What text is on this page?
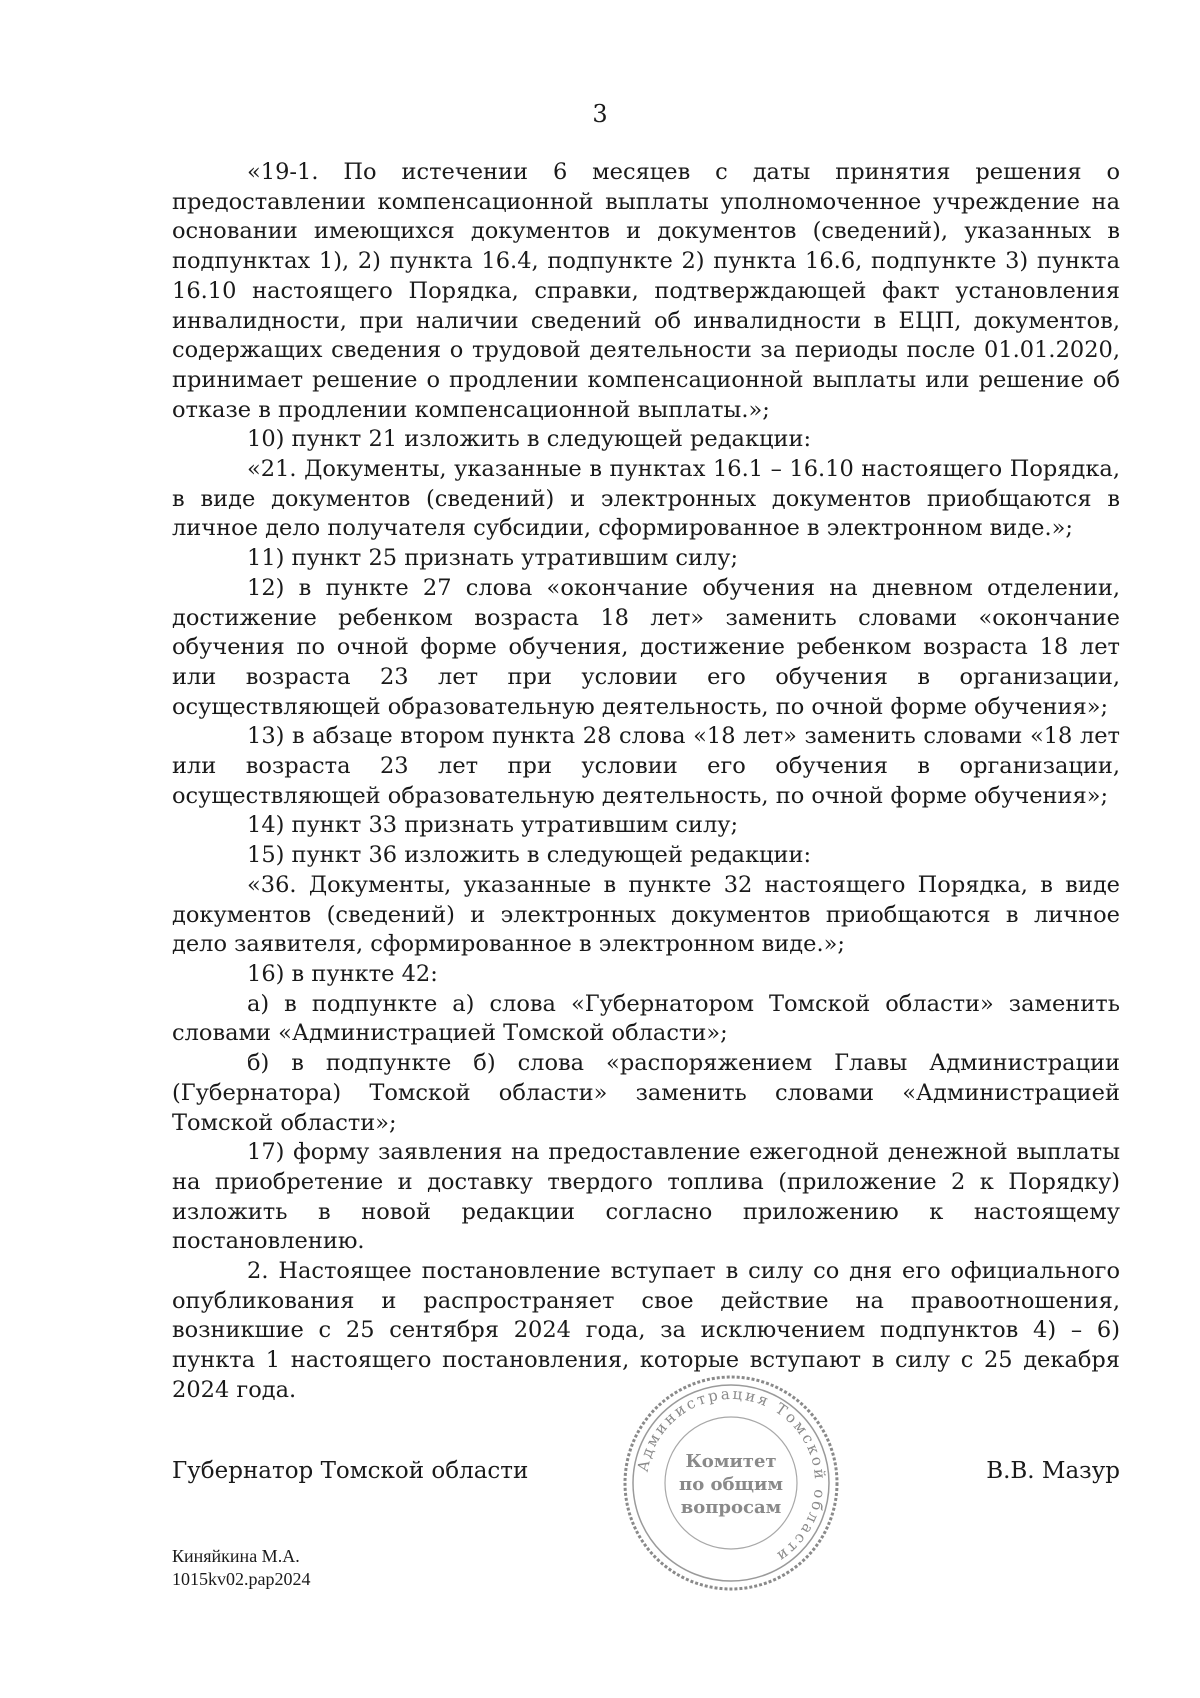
3

«19-1. По истечении 6 месяцев с даты принятия решения о предоставлении компенсационной выплаты уполномоченное учреждение на основании имеющихся документов и документов (сведений), указанных в подпунктах 1), 2) пункта 16.4, подпункте 2) пункта 16.6, подпункте 3) пункта 16.10 настоящего Порядка, справки, подтверждающей факт установления инвалидности, при наличии сведений об инвалидности в ЕЦП, документов, содержащих сведения о трудовой деятельности за периоды после 01.01.2020, принимает решение о продлении компенсационной выплаты или решение об отказе в продлении компенсационной выплаты.»;

10) пункт 21 изложить в следующей редакции:

«21. Документы, указанные в пунктах 16.1 – 16.10 настоящего Порядка, в виде документов (сведений) и электронных документов приобщаются в личное дело получателя субсидии, сформированное в электронном виде.»;

11) пункт 25 признать утратившим силу;

12) в пункте 27 слова «окончание обучения на дневном отделении, достижение ребенком возраста 18 лет» заменить словами «окончание обучения по очной форме обучения, достижение ребенком возраста 18 лет или возраста 23 лет при условии его обучения в организации, осуществляющей образовательную деятельность, по очной форме обучения»;

13) в абзаце втором пункта 28 слова «18 лет» заменить словами «18 лет или возраста 23 лет при условии его обучения в организации, осуществляющей образовательную деятельность, по очной форме обучения»;

14) пункт 33 признать утратившим силу;

15) пункт 36 изложить в следующей редакции:

«36. Документы, указанные в пункте 32 настоящего Порядка, в виде документов (сведений) и электронных документов приобщаются в личное дело заявителя, сформированное в электронном виде.»;

16) в пункте 42:

а) в подпункте а) слова «Губернатором Томской области» заменить словами «Администрацией Томской области»;

б) в подпункте б) слова «распоряжением Главы Администрации (Губернатора) Томской области» заменить словами «Администрацией Томской области»;

17) форму заявления на предоставление ежегодной денежной выплаты на приобретение и доставку твердого топлива (приложение 2 к Порядку) изложить в новой редакции согласно приложению к настоящему постановлению.

2. Настоящее постановление вступает в силу со дня его официального опубликования и распространяет свое действие на правоотношения, возникшие с 25 сентября 2024 года, за исключением подпунктов 4) – 6) пункта 1 настоящего постановления, которые вступают в силу с 25 декабря 2024 года.

Губернатор Томской области	В.В. Мазур
Администрация Томской области
Комитет
по общим
вопросам
Киняйкина М.А.
1015kv02.pap2024
